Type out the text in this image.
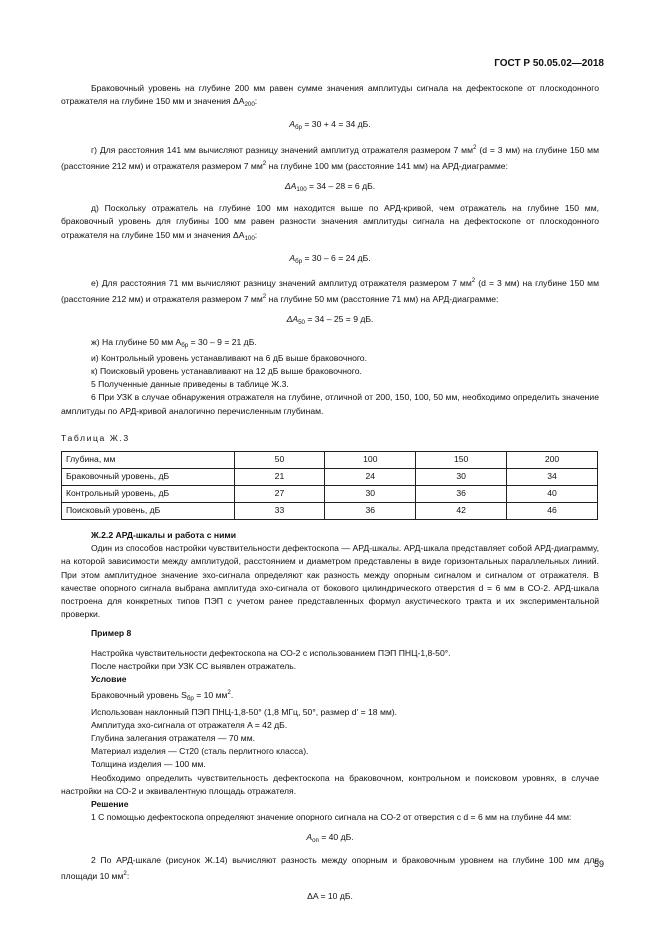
ГОСТ Р 50.05.02—2018

Браковочный уровень на глубине 200 мм равен сумме значения амплитуды сигнала на дефектоскопе от плоскодонного отражателя на глубине 150 мм и значения $\Delta A_{200}$:

$A_{бр} = 30 + 4 = 34$ дБ.

г) Для расстояния 141 мм вычисляют разницу значений амплитуд отражателя размером 7 $мм^2$ (d = 3 мм) на глубине 150 мм (расстояние 212 мм) и отражателя размером 7 $мм^2$ на глубине 100 мм (расстояние 141 мм) на АРД-диаграмме:

$\Delta A_{100} = 34 - 28 = 6$ дБ.

д) Поскольку отражатель на глубине 100 мм находится выше по АРД-кривой, чем отражатель на глубине 150 мм, браковочный уровень для глубины 100 мм равен разности значения амплитуды сигнала на дефектоскопе от плоскодонного отражателя на глубине 150 мм и значения $\Delta A_{100}$:

$A_{бр} = 30 - 6 = 24$ дБ.

е) Для расстояния 71 мм вычисляют разницу значений амплитуд отражателя размером 7 $мм^2$ (d = 3 мм) на глубине 150 мм (расстояние 212 мм) и отражателя размером 7 $мм^2$ на глубине 50 мм (расстояние 71 мм) на АРД-диаграмме:

$\Delta A_{50} = 34 - 25 = 9$ дБ.

ж) На глубине 50 мм $A_{бр} = 30 - 9 = 21$ дБ.

и) Контрольный уровень устанавливают на 6 дБ выше браковочного.

к) Поисковый уровень устанавливают на 12 дБ выше браковочного.

5 Полученные данные приведены в таблице Ж.3.

6 При УЗК в случае обнаружения отражателя на глубине, отличной от 200, 150, 100, 50 мм, необходимо определить значение амплитуды по АРД-кривой аналогично перечисленным глубинам.

Таблица Ж.3

Глубина, мм	50	100	150	200
Браковочный уровень, дБ	21	24	30	34
Контрольный уровень, дБ	27	30	36	40
Поисковый уровень, дБ	33	36	42	46

Ж.2.2 АРД-шкалы и работа с ними

Один из способов настройки чувствительности дефектоскопа — АРД-шкалы. АРД-шкала представляет собой АРД-диаграмму, на которой зависимости между амплитудой, расстоянием и диаметром представлены в виде горизонтальных параллельных линий. При этом амплитудное значение эхо-сигнала определяют как разность между опорным сигналом и сигналом от отражателя. В качестве опорного сигнала выбрана амплитуда эхо-сигнала от бокового цилиндрического отверстия d = 6 мм в СО-2. АРД-шкала построена для конкретных типов ПЭП с учетом ранее представленных формул акустического тракта и их экспериментальной проверки.

Пример 8

Настройка чувствительности дефектоскопа на СО-2 с использованием ПЭП ПНЦ-1,8-50°.

После настройки при УЗК СС выявлен отражатель.

Условие

Браковочный уровень $S_{бр} = 10$ $мм^2$.

Использован наклонный ПЭП ПНЦ-1,8-50° (1,8 МГц, 50°, размер d' = 18 мм).

Амплитуда эхо-сигнала от отражателя A = 42 дБ.

Глубина залегания отражателя — 70 мм.

Материал изделия — Ст20 (сталь перлитного класса).

Толщина изделия — 100 мм.

Необходимо определить чувствительность дефектоскопа на браковочном, контрольном и поисковом уровнях, в случае настройки на СО-2 и эквивалентную площадь отражателя.

Решение

1 С помощью дефектоскопа определяют значение опорного сигнала на СО-2 от отверстия с d = 6 мм на глубине 44 мм:

$A_{оп} = 40$ дБ.

2 По АРД-шкале (рисунок Ж.14) вычисляют разность между опорным и браковочным уровнем на глубине 100 мм для площади 10 $мм^2$:

ΔA = 10 дБ.

59
